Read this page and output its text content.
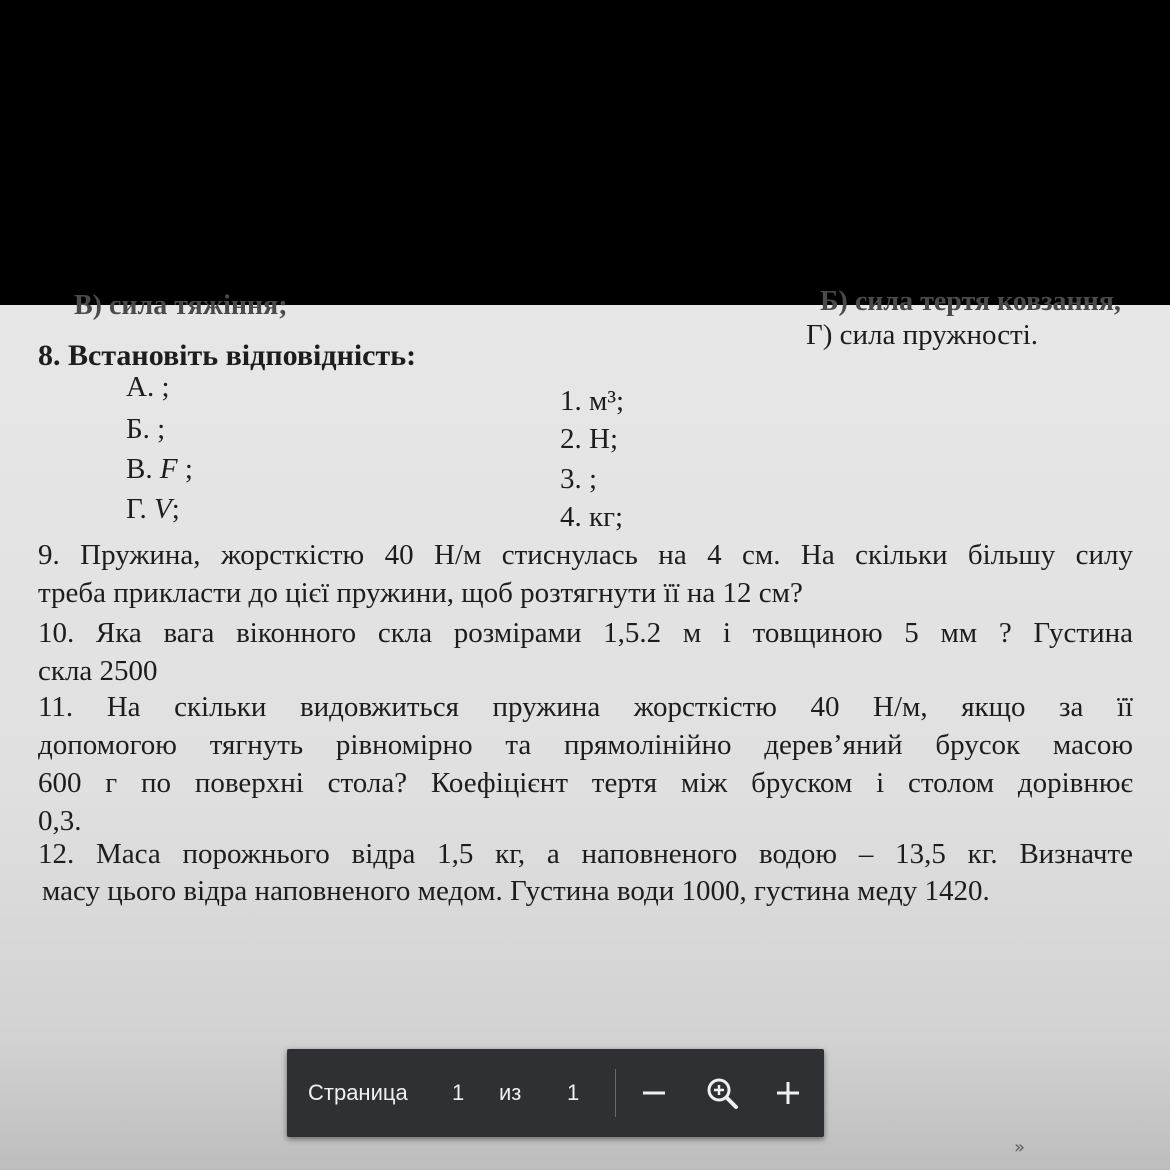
В) сила тяжіння;	Б) сила тертя ковзання,
Г) сила пружності.
8. Встановіть відповідність:
А. ;
Б. ;
В. F ;
Г. V;
1. м³;
2. Н;
3. ;
4. кг;
9. Пружина, жорсткістю 40 Н/м стиснулась на 4 см. На скільки більшу силу
треба прикласти до цієї пружини, щоб розтягнути її на 12 см?
10. Яка вага віконного скла розмірами 1,5.2 м і товщиною 5 мм ? Густина
скла 2500
11. На скільки видовжиться пружина жорсткістю 40 Н/м, якщо за її
допомогою тягнуть рівномірно та прямолінійно дерев’яний брусок масою
600 г по поверхні стола? Коефіцієнт тертя між бруском і столом дорівнює
0,3.
12. Маса порожнього відра 1,5 кг, а наповненого водою – 13,5 кг. Визначте
масу цього відра наповненого медом. Густина води 1000, густина меду 1420.
Страница 1 из 1
»
